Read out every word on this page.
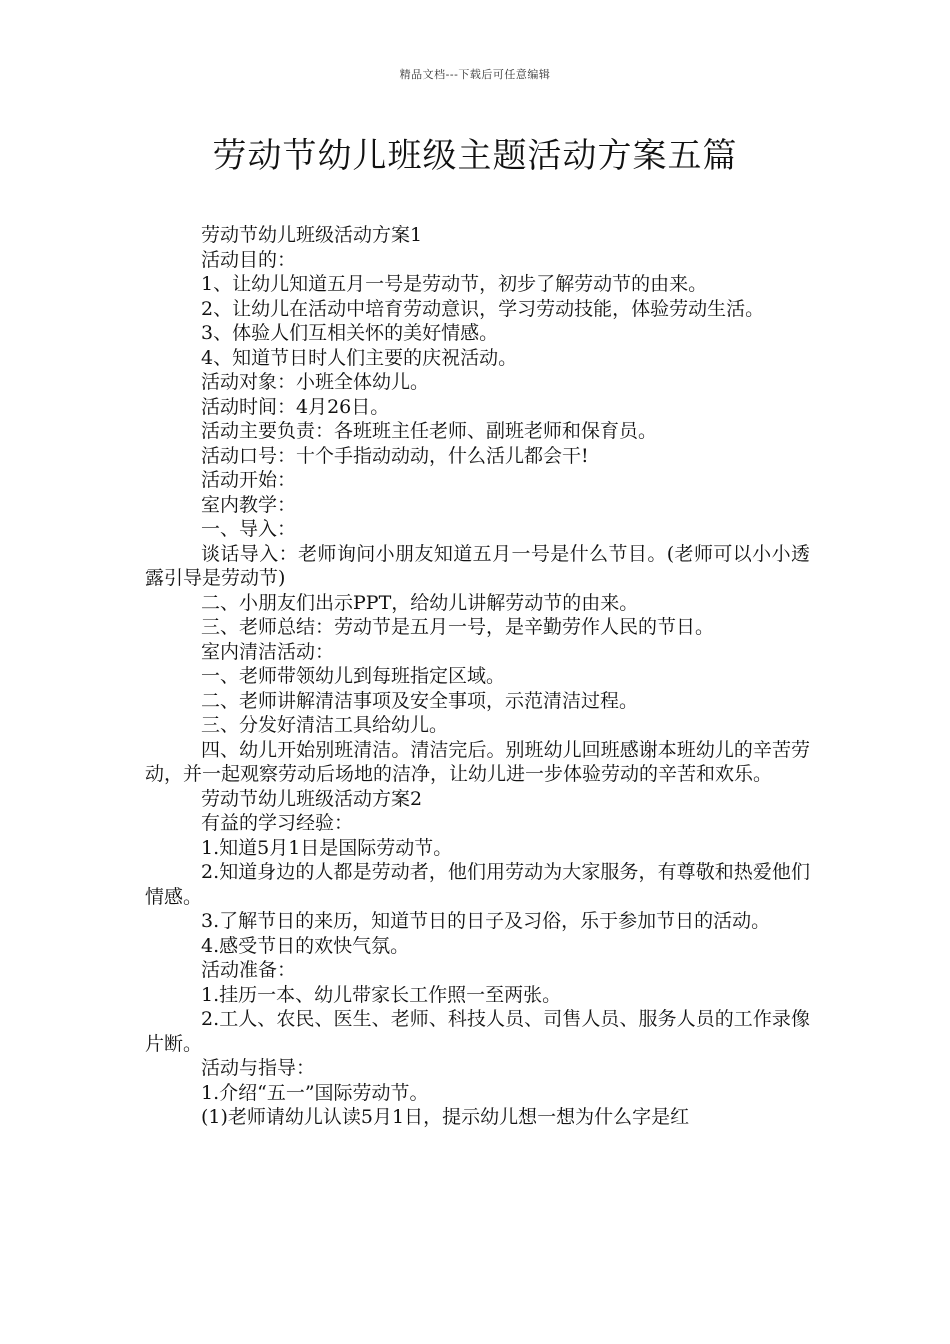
精品文档---下载后可任意编辑
劳动节幼儿班级主题活动方案五篇

劳动节幼儿班级活动方案1

活动目的：

1、让幼儿知道五月一号是劳动节，初步了解劳动节的由来。

2、让幼儿在活动中培育劳动意识，学习劳动技能，体验劳动生活。

3、体验人们互相关怀的美好情感。

4、知道节日时人们主要的庆祝活动。

活动对象：小班全体幼儿。

活动时间：4月26日。

活动主要负责：各班班主任老师、副班老师和保育员。

活动口号：十个手指动动动，什么活儿都会干!

活动开始：

室内教学：

一、导入：

谈话导入：老师询问小朋友知道五月一号是什么节目。(老师可以小小透露引导是劳动节)

二、小朋友们出示PPT，给幼儿讲解劳动节的由来。

三、老师总结：劳动节是五月一号，是辛勤劳作人民的节日。

室内清洁活动：

一、老师带领幼儿到每班指定区域。

二、老师讲解清洁事项及安全事项，示范清洁过程。

三、分发好清洁工具给幼儿。

四、幼儿开始别班清洁。清洁完后。别班幼儿回班感谢本班幼儿的辛苦劳动，并一起观察劳动后场地的洁净，让幼儿进一步体验劳动的辛苦和欢乐。

劳动节幼儿班级活动方案2

有益的学习经验：

1.知道5月1日是国际劳动节。

2.知道身边的人都是劳动者，他们用劳动为大家服务，有尊敬和热爱他们情感。

3.了解节日的来历，知道节日的日子及习俗，乐于参加节日的活动。

4.感受节日的欢快气氛。

活动准备：

1.挂历一本、幼儿带家长工作照一至两张。

2.工人、农民、医生、老师、科技人员、司售人员、服务人员的工作录像片断。

活动与指导：

1.介绍“五一”国际劳动节。

(1)老师请幼儿认读5月1日，提示幼儿想一想为什么字是红
